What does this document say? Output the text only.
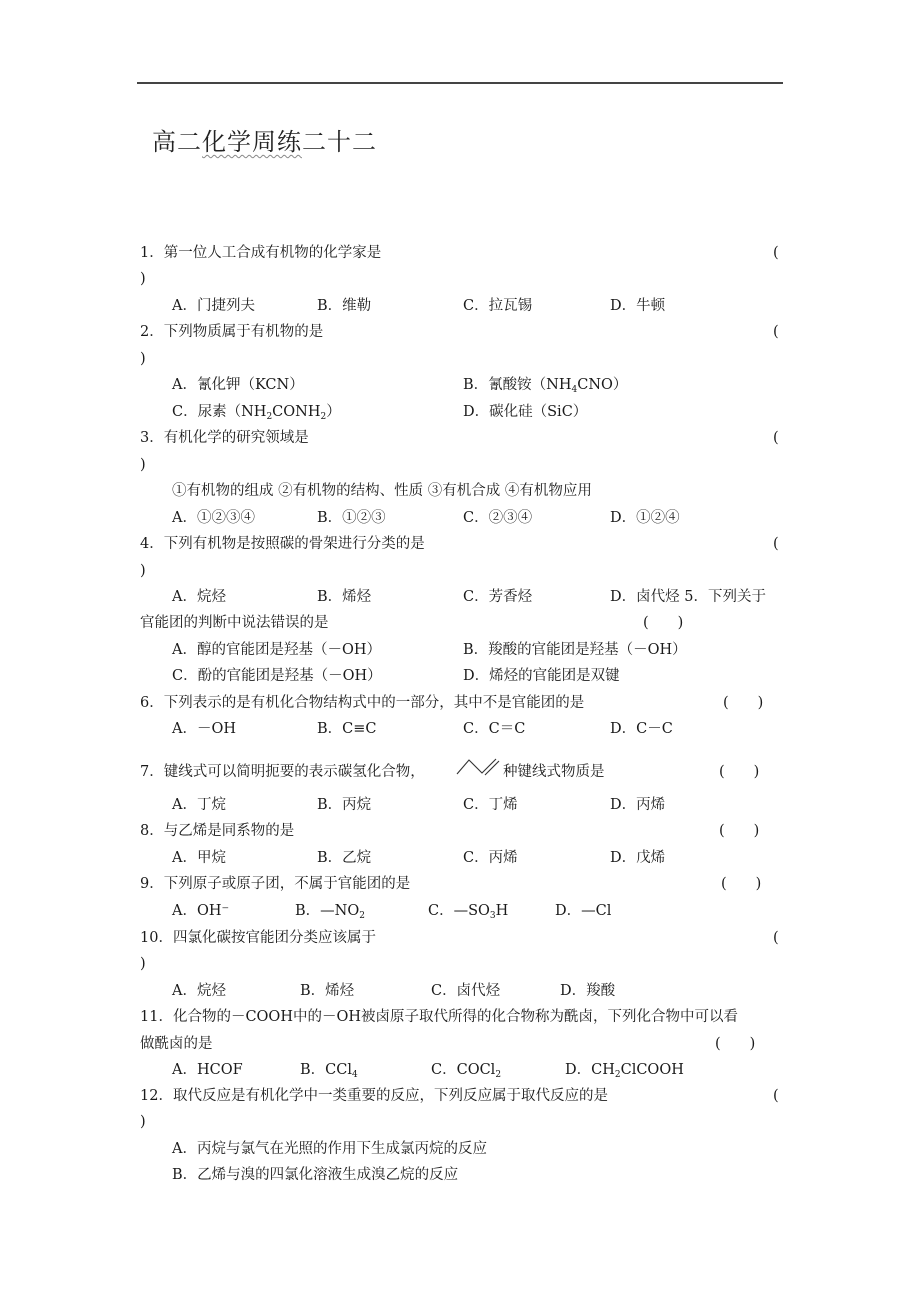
高二化学周练二十二
1．第一位人工合成有机物的化学家是	(
)
A．门捷列夫	B．维勒	C．拉瓦锡	D．牛顿
2．下列物质属于有机物的是	(
)
A．氰化钾（KCN）	B．氰酸铵$(NH_4CNO)$
C．尿素$(NH_2CONH_2)$	D．碳化硅（SiC）
3．有机化学的研究领域是	(
)
①有机物的组成 ②有机物的结构、性质 ③有机合成 ④有机物应用
A．①②③④	B．①②③	C．②③④	D．①②④
4．下列有机物是按照碳的骨架进行分类的是	(
)
A．烷烃	B．烯烃	C．芳香烃	D．卤代烃 5．下列关于
官能团的判断中说法错误的是	(　　)
A．醇的官能团是羟基（－OH）	B．羧酸的官能团是羟基（－OH）
C．酚的官能团是羟基（－OH）	D．烯烃的官能团是双键
6．下列表示的是有机化合物结构式中的一部分，其中不是官能团的是	(　　)
A．－OH	B．C≡C	C．C＝C	D．C－C
7．键线式可以简明扼要的表示碳氢化合物，	种键线式物质是	(　　)
A．丁烷	B．丙烷	C．丁烯	D．丙烯
8．与乙烯是同系物的是	(　　)
A．甲烷	B．乙烷	C．丙烯	D．戊烯
9．下列原子或原子团，不属于官能团的是	(　　)
A．OH⁻	B．$—NO_2$	C．$—SO_3H$	D．—Cl
10．四氯化碳按官能团分类应该属于	(
)
A．烷烃	B．烯烃	C．卤代烃	D．羧酸
11．化合物的－COOH中的－OH被卤原子取代所得的化合物称为酰卤，下列化合物中可以看
做酰卤的是	(　　)
A．HCOF	B．CCl$_4$	C．COCl$_2$	D．$CH_2ClCOOH$
12．取代反应是有机化学中一类重要的反应，下列反应属于取代反应的是	(
)
A．丙烷与氯气在光照的作用下生成氯丙烷的反应
B．乙烯与溴的四氯化溶液生成溴乙烷的反应
